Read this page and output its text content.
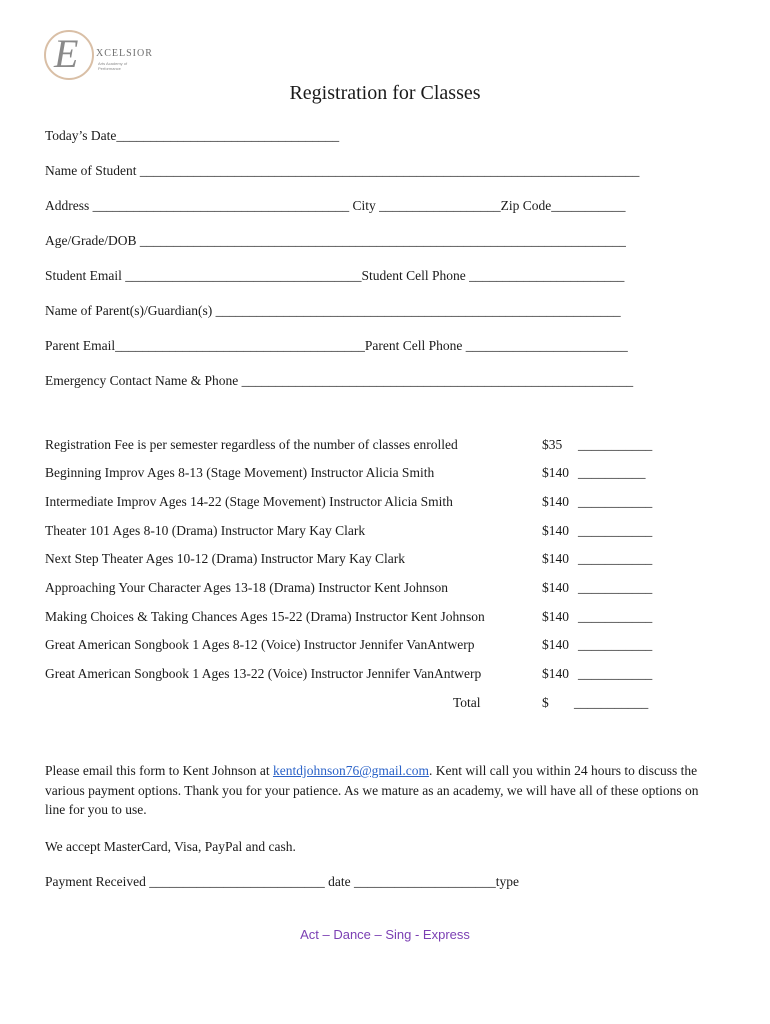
E XCELSIOR
Arts Academy of Performance
Registration for Classes
Today’s Date_________________________________
Name of Student __________________________________________________________________________
Address ______________________________________ City __________________Zip Code___________
Age/Grade/DOB ________________________________________________________________________
Student Email ___________________________________Student Cell Phone _______________________
Name of Parent(s)/Guardian(s) ____________________________________________________________
Parent Email_____________________________________Parent Cell Phone ________________________
Emergency Contact Name & Phone __________________________________________________________
Registration Fee is per semester regardless of the number of classes enrolled	$35 ___________
Beginning Improv Ages 8-13 (Stage Movement) Instructor Alicia Smith	$140 __________
Intermediate Improv Ages 14-22 (Stage Movement) Instructor Alicia Smith	$140 ___________
Theater 101 Ages 8-10 (Drama) Instructor Mary Kay Clark	$140 ___________
Next Step Theater Ages 10-12 (Drama) Instructor Mary Kay Clark	$140 ___________
Approaching Your Character Ages 13-18 (Drama) Instructor Kent Johnson	$140 ___________
Making Choices & Taking Chances Ages 15-22 (Drama) Instructor Kent Johnson	$140 ___________
Great American Songbook 1 Ages 8-12 (Voice) Instructor Jennifer VanAntwerp	$140 ___________
Great American Songbook 1 Ages 13-22 (Voice) Instructor Jennifer VanAntwerp	$140 ___________
Total	$ ___________
Please email this form to Kent Johnson at kentdjohnson76@gmail.com. Kent will call you within 24 hours to discuss the various payment options. Thank you for your patience. As we mature as an academy, we will have all of these options on line for you to use.
We accept MasterCard, Visa, PayPal and cash.
Payment Received __________________________ date _____________________type
Act – Dance – Sing - Express
